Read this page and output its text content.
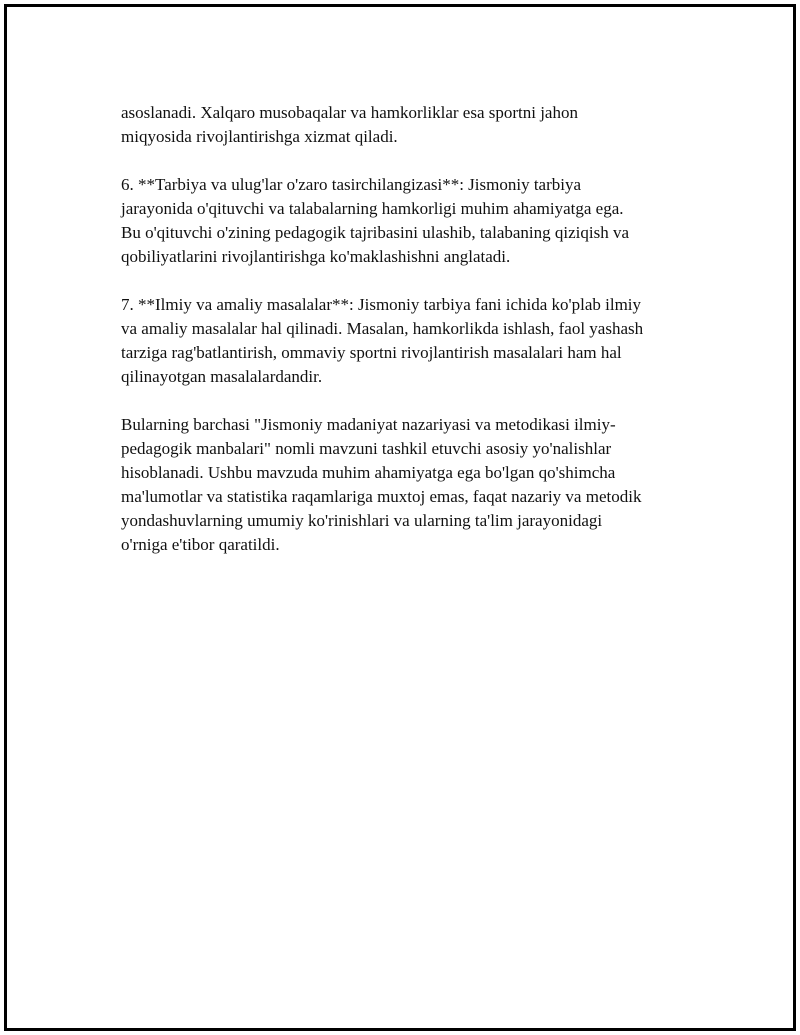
asoslanadi. Xalqaro musobaqalar va hamkorliklar esa sportni jahon
miqyosida rivojlantirishga xizmat qiladi.

6. **Tarbiya va ulug'lar o'zaro tasirchilangizasi**: Jismoniy tarbiya
jarayonida o'qituvchi va talabalarning hamkorligi muhim ahamiyatga ega.
Bu o'qituvchi o'zining pedagogik tajribasini ulashib, talabaning qiziqish va
qobiliyatlarini rivojlantirishga ko'maklashishni anglatadi.

7. **Ilmiy va amaliy masalalar**: Jismoniy tarbiya fani ichida ko'plab ilmiy
va amaliy masalalar hal qilinadi. Masalan, hamkorlikda ishlash, faol yashash
tarziga rag'batlantirish, ommaviy sportni rivojlantirish masalalari ham hal
qilinayotgan masalalardandir.

Bularning barchasi "Jismoniy madaniyat nazariyasi va metodikasi ilmiy-
pedagogik manbalari" nomli mavzuni tashkil etuvchi asosiy yo'nalishlar
hisoblanadi. Ushbu mavzuda muhim ahamiyatga ega bo'lgan qo'shimcha
ma'lumotlar va statistika raqamlariga muxtoj emas, faqat nazariy va metodik
yondashuvlarning umumiy ko'rinishlari va ularning ta'lim jarayonidagi
o'rniga e'tibor qaratildi.
